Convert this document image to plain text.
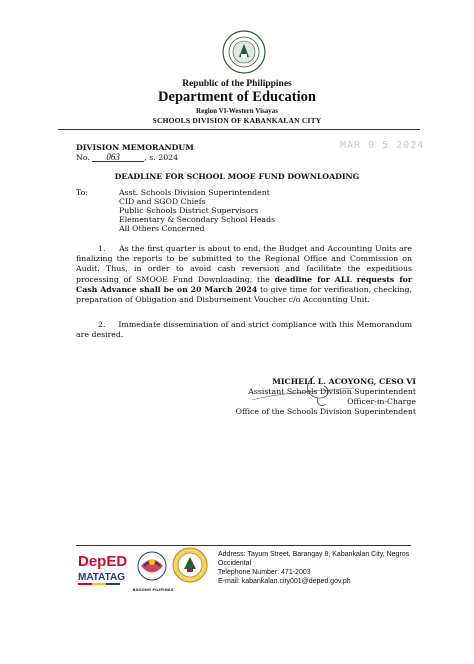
Republic of the Philippines
Department of Education
Region VI-Western Visayas
SCHOOLS DIVISION OF KABANKALAN CITY
DIVISION MEMORANDUM
No. 063	, s. 2024
MAR 0 5 2024
DEADLINE FOR SCHOOL MOOE FUND DOWNLOADING
To:	Asst. Schools Division Superintendent
CID and SGOD Chiefs
Public Schools District Supervisors
Elementary & Secondary School Heads
All Others Concerned
1.     As the first quarter is about to end, the Budget and Accounting Units are finalizing the reports to be submitted to the Regional Office and Commission on Audit. Thus, in order to avoid cash reversion and facilitate the expeditious processing of SMOOE Fund Downloading, the deadline for ALL requests for Cash Advance shall be on 20 March 2024 to give time for verification, checking, preparation of Obligation and Disbursement Voucher c/o Accounting Unit.
2.     Immediate dissemination of and strict compliance with this Memorandum are desired.
MICHELL L. ACOYONG, CESO VI
Assistant Schools Division Superintendent
Officer-in-Charge
Office of the Schools Division Superintendent
DepED
MATATAG
BAGONG PILIPINAS
Address: Tayum Street, Barangay 8, Kabankalan City, Negros Occidental
Telephone Number: 471-2003
E-mail: kabankalan.city001@deped.gov.ph
